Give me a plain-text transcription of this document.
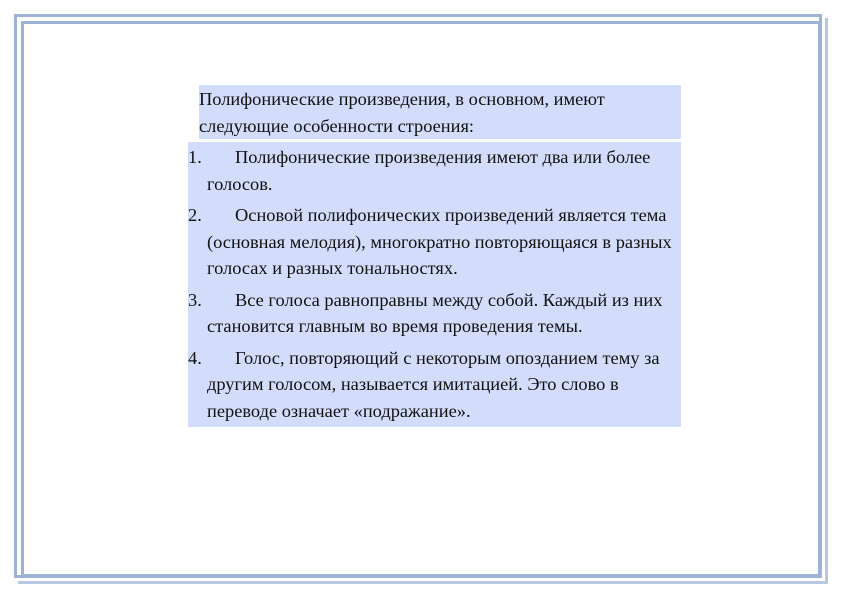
Полифонические произведения, в основном, имеют следующие особенности строения:
1.	Полифонические произведения имеют два или более голосов.
2.	Основой полифонических произведений является тема (основная мелодия), многократно повторяющаяся в разных голосах и разных тональностях.
3.	Все голоса равноправны между собой. Каждый из них становится главным во время проведения темы.
4.	Голос, повторяющий с некоторым опозданием тему за другим голосом, называется имитацией. Это слово в переводе означает «подражание».
